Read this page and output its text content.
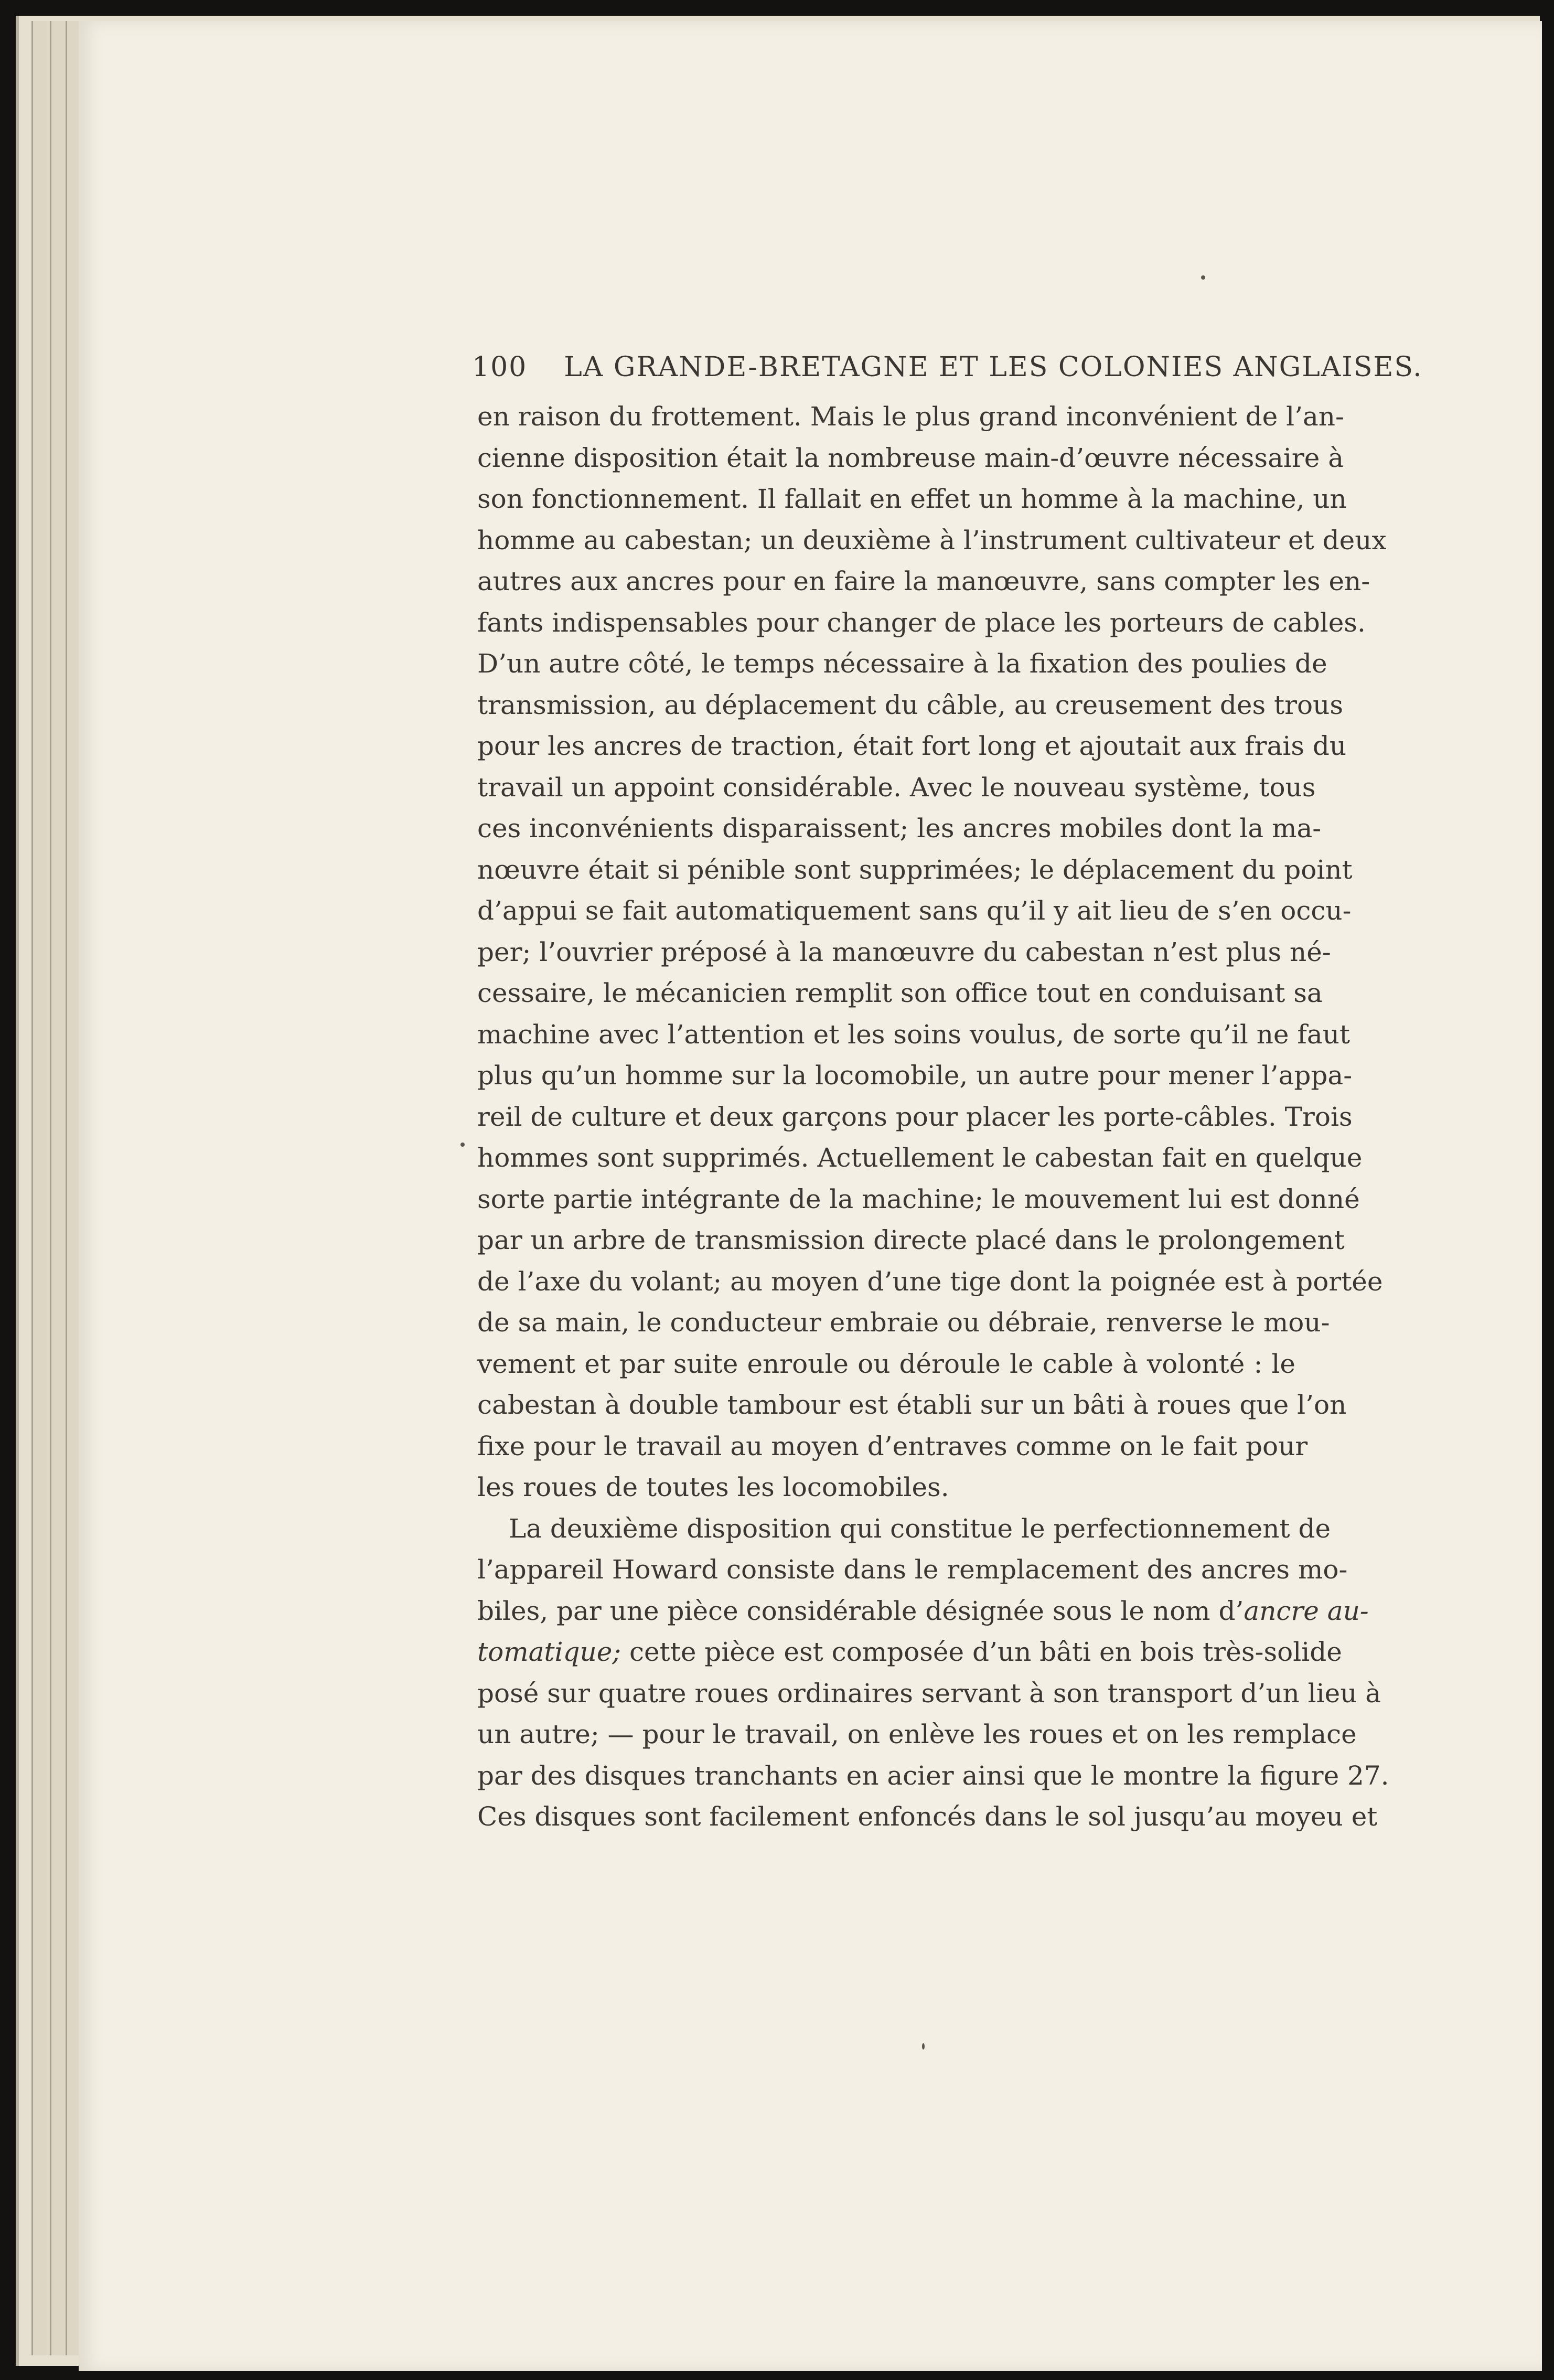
100 LA GRANDE-BRETAGNE ET LES COLONIES ANGLAISES.
en raison du frottement. Mais le plus grand inconvénient de l’an-
cienne disposition était la nombreuse main-d’œuvre nécessaire à
son fonctionnement. Il fallait en effet un homme à la machine, un
homme au cabestan; un deuxième à l’instrument cultivateur et deux
autres aux ancres pour en faire la manœuvre, sans compter les en-
fants indispensables pour changer de place les porteurs de cables.
D’un autre côté, le temps nécessaire à la fixation des poulies de
transmission, au déplacement du câble, au creusement des trous
pour les ancres de traction, était fort long et ajoutait aux frais du
travail un appoint considérable. Avec le nouveau système, tous
ces inconvénients disparaissent; les ancres mobiles dont la ma-
nœuvre était si pénible sont supprimées; le déplacement du point
d’appui se fait automatiquement sans qu’il y ait lieu de s’en occu-
per; l’ouvrier préposé à la manœuvre du cabestan n’est plus né-
cessaire, le mécanicien remplit son office tout en conduisant sa
machine avec l’attention et les soins voulus, de sorte qu’il ne faut
plus qu’un homme sur la locomobile, un autre pour mener l’appa-
reil de culture et deux garçons pour placer les porte-câbles. Trois
hommes sont supprimés. Actuellement le cabestan fait en quelque
sorte partie intégrante de la machine; le mouvement lui est donné
par un arbre de transmission directe placé dans le prolongement
de l’axe du volant; au moyen d’une tige dont la poignée est à portée
de sa main, le conducteur embraie ou débraie, renverse le mou-
vement et par suite enroule ou déroule le cable à volonté : le
cabestan à double tambour est établi sur un bâti à roues que l’on
fixe pour le travail au moyen d’entraves comme on le fait pour
les roues de toutes les locomobiles.
La deuxième disposition qui constitue le perfectionnement de
l’appareil Howard consiste dans le remplacement des ancres mo-
biles, par une pièce considérable désignée sous le nom d’ancre au-
tomatique; cette pièce est composée d’un bâti en bois très-solide
posé sur quatre roues ordinaires servant à son transport d’un lieu à
un autre; — pour le travail, on enlève les roues et on les remplace
par des disques tranchants en acier ainsi que le montre la figure 27.
Ces disques sont facilement enfoncés dans le sol jusqu’au moyeu et
